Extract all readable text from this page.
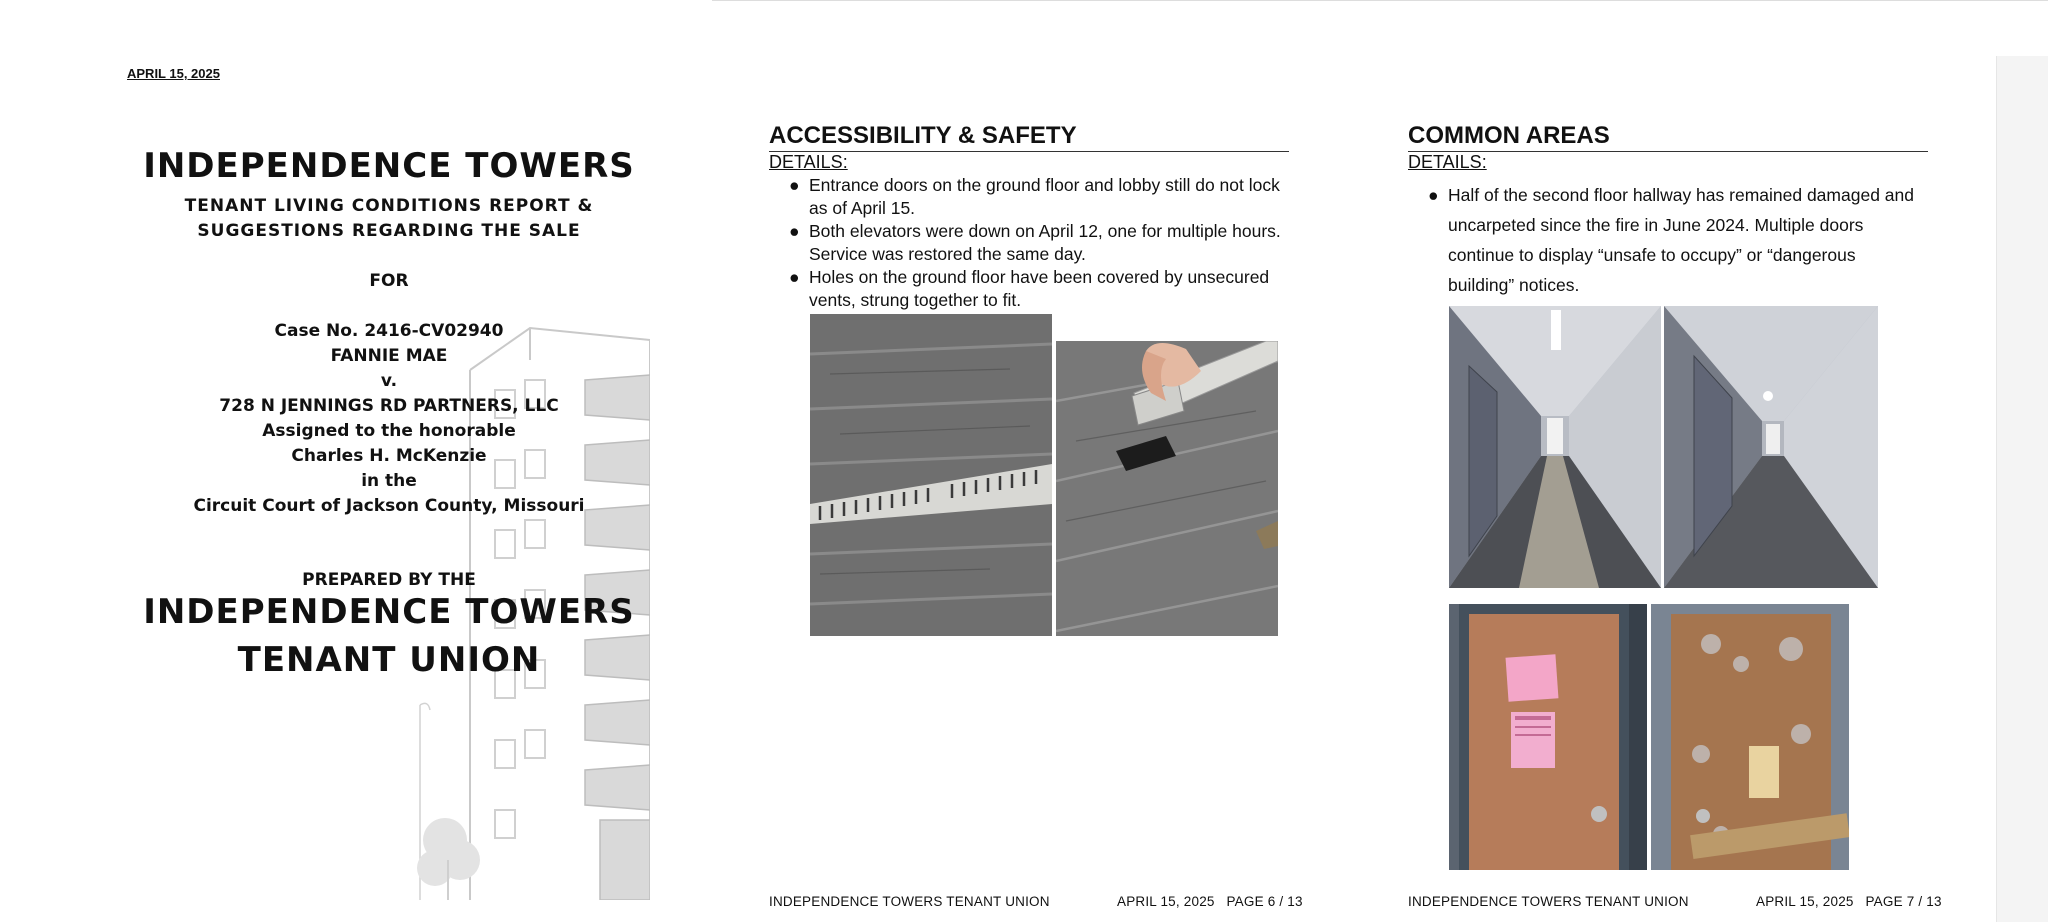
APRIL 15, 2025
INDEPENDENCE TOWERS
TENANT LIVING CONDITIONS REPORT &
SUGGESTIONS REGARDING THE SALE
FOR
Case No. 2416-CV02940
FANNIE MAE
v.
728 N JENNINGS RD PARTNERS, LLC
Assigned to the honorable
Charles H. McKenzie
in the
Circuit Court of Jackson County, Missouri
PREPARED BY THE
INDEPENDENCE TOWERS
TENANT UNION
ACCESSIBILITY & SAFETY
DETAILS:
● Entrance doors on the ground floor and lobby still do not lock as of April 15.
● Both elevators were down on April 12, one for multiple hours. Service was restored the same day.
● Holes on the ground floor have been covered by unsecured vents, strung together to fit.
INDEPENDENCE TOWERS TENANT UNION	APRIL 15, 2025   PAGE 6 / 13
COMMON AREAS
DETAILS:
● Half of the second floor hallway has remained damaged and uncarpeted since the fire in June 2024. Multiple doors continue to display “unsafe to occupy” or “dangerous building” notices.
INDEPENDENCE TOWERS TENANT UNION	APRIL 15, 2025   PAGE 7 / 13
